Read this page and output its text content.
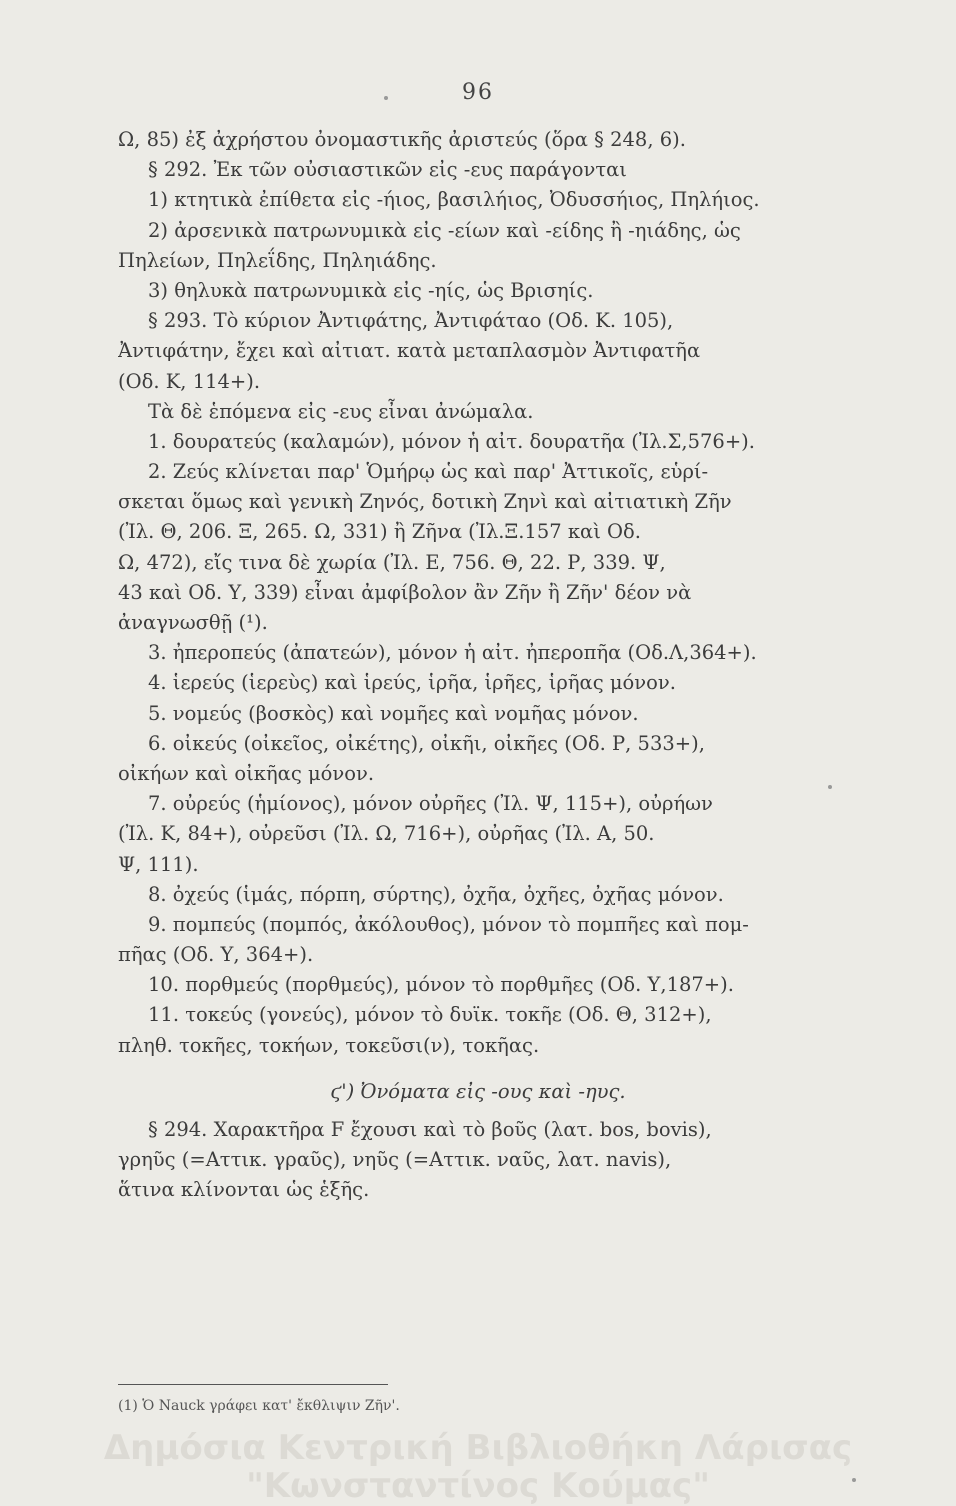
96
Ω, 85) ἐξ ἀχρήστου ὀνομαστικῆς ἀριστεύς (ὅρα § 248, 6).
§ 292. Ἐκ τῶν οὐσιαστικῶν εἰς -ευς παράγονται
1) κτητικὰ ἐπίθετα εἰς -ήιος, βασιλήιος, Ὀδυσσήιος, Πηλήιος.
2) ἀρσενικὰ πατρωνυμικὰ εἰς -είων καὶ -είδης ἢ -ηιάδης, ὡς
Πηλείων, Πηλεΐδης, Πηληιάδης.
3) θηλυκὰ πατρωνυμικὰ εἰς -ηίς, ὡς Βρισηίς.
§ 293. Τὸ κύριον Ἀντιφάτης, Ἀντιφάταο (Οδ. Κ. 105),
Ἀντιφάτην, ἔχει καὶ αἰτιατ. κατὰ μεταπλασμὸν Ἀντιφατῆα
(Οδ. Κ, 114+).
Τὰ δὲ ἑπόμενα εἰς -ευς εἶναι ἀνώμαλα.
1. δουρατεύς (καλαμών), μόνον ἡ αἰτ. δουρατῆα (Ἰλ.Σ,576+).
2. Ζεύς κλίνεται παρ' Ὁμήρῳ ὡς καὶ παρ' Ἀττικοῖς, εὑρί-
σκεται ὅμως καὶ γενικὴ Ζηνός, δοτικὴ Ζηνὶ καὶ αἰτιατικὴ Ζῆν
(Ἰλ. Θ, 206. Ξ, 265. Ω, 331) ἢ Ζῆνα (Ἰλ.Ξ.157 καὶ Οδ.
Ω, 472), εἴς τινα δὲ χωρία (Ἰλ. Ε, 756. Θ, 22. Ρ, 339. Ψ,
43 καὶ Οδ. Υ, 339) εἶναι ἀμφίβολον ἂν Ζῆν ἢ Ζῆν' δέον νὰ
ἀναγνωσθῇ (¹).
3. ἠπεροπεύς (ἀπατεών), μόνον ἡ αἰτ. ἠπεροπῆα (Οδ.Λ,364+).
4. ἱερεύς (ἱερεὺς) καὶ ἱρεύς, ἱρῆα, ἱρῆες, ἱρῆας μόνον.
5. νομεύς (βοσκὸς) καὶ νομῆες καὶ νομῆας μόνον.
6. οἰκεύς (οἰκεῖος, οἰκέτης), οἰκῆι, οἰκῆες (Οδ. Ρ, 533+),
οἰκήων καὶ οἰκῆας μόνον.
7. οὐρεύς (ἡμίονος), μόνον οὐρῆες (Ἰλ. Ψ, 115+), οὐρήων
(Ἰλ. Κ, 84+), οὐρεῦσι (Ἰλ. Ω, 716+), οὐρῆας (Ἰλ. Α, 50.
Ψ, 111).
8. ὀχεύς (ἱμάς, πόρπη, σύρτης), ὀχῆα, ὀχῆες, ὀχῆας μόνον.
9. πομπεύς (πομπός, ἀκόλουθος), μόνον τὸ πομπῆες καὶ πομ-
πῆας (Οδ. Υ, 364+).
10. πορθμεύς (πορθμεύς), μόνον τὸ πορθμῆες (Οδ. Υ,187+).
11. τοκεύς (γονεύς), μόνον τὸ δυϊκ. τοκῆε (Οδ. Θ, 312+),
πληθ. τοκῆες, τοκήων, τοκεῦσι(ν), τοκῆας.
ϛ') Ὀνόματα εἰς -ους καὶ -ηυς.
§ 294. Χαρακτῆρα F ἔχουσι καὶ τὸ βοῦς (λατ. bos, bovis),
γρηῦς (=Αττικ. γραῦς), νηῦς (=Αττικ. ναῦς, λατ. navis),
ἅτινα κλίνονται ὡς ἑξῆς.
(1) Ὁ Nauck γράφει κατ' ἔκθλιψιν Ζῆν'.
Δημόσια Κεντρική Βιβλιοθήκη Λάρισας
"Κωνσταντίνος Κούμας"
